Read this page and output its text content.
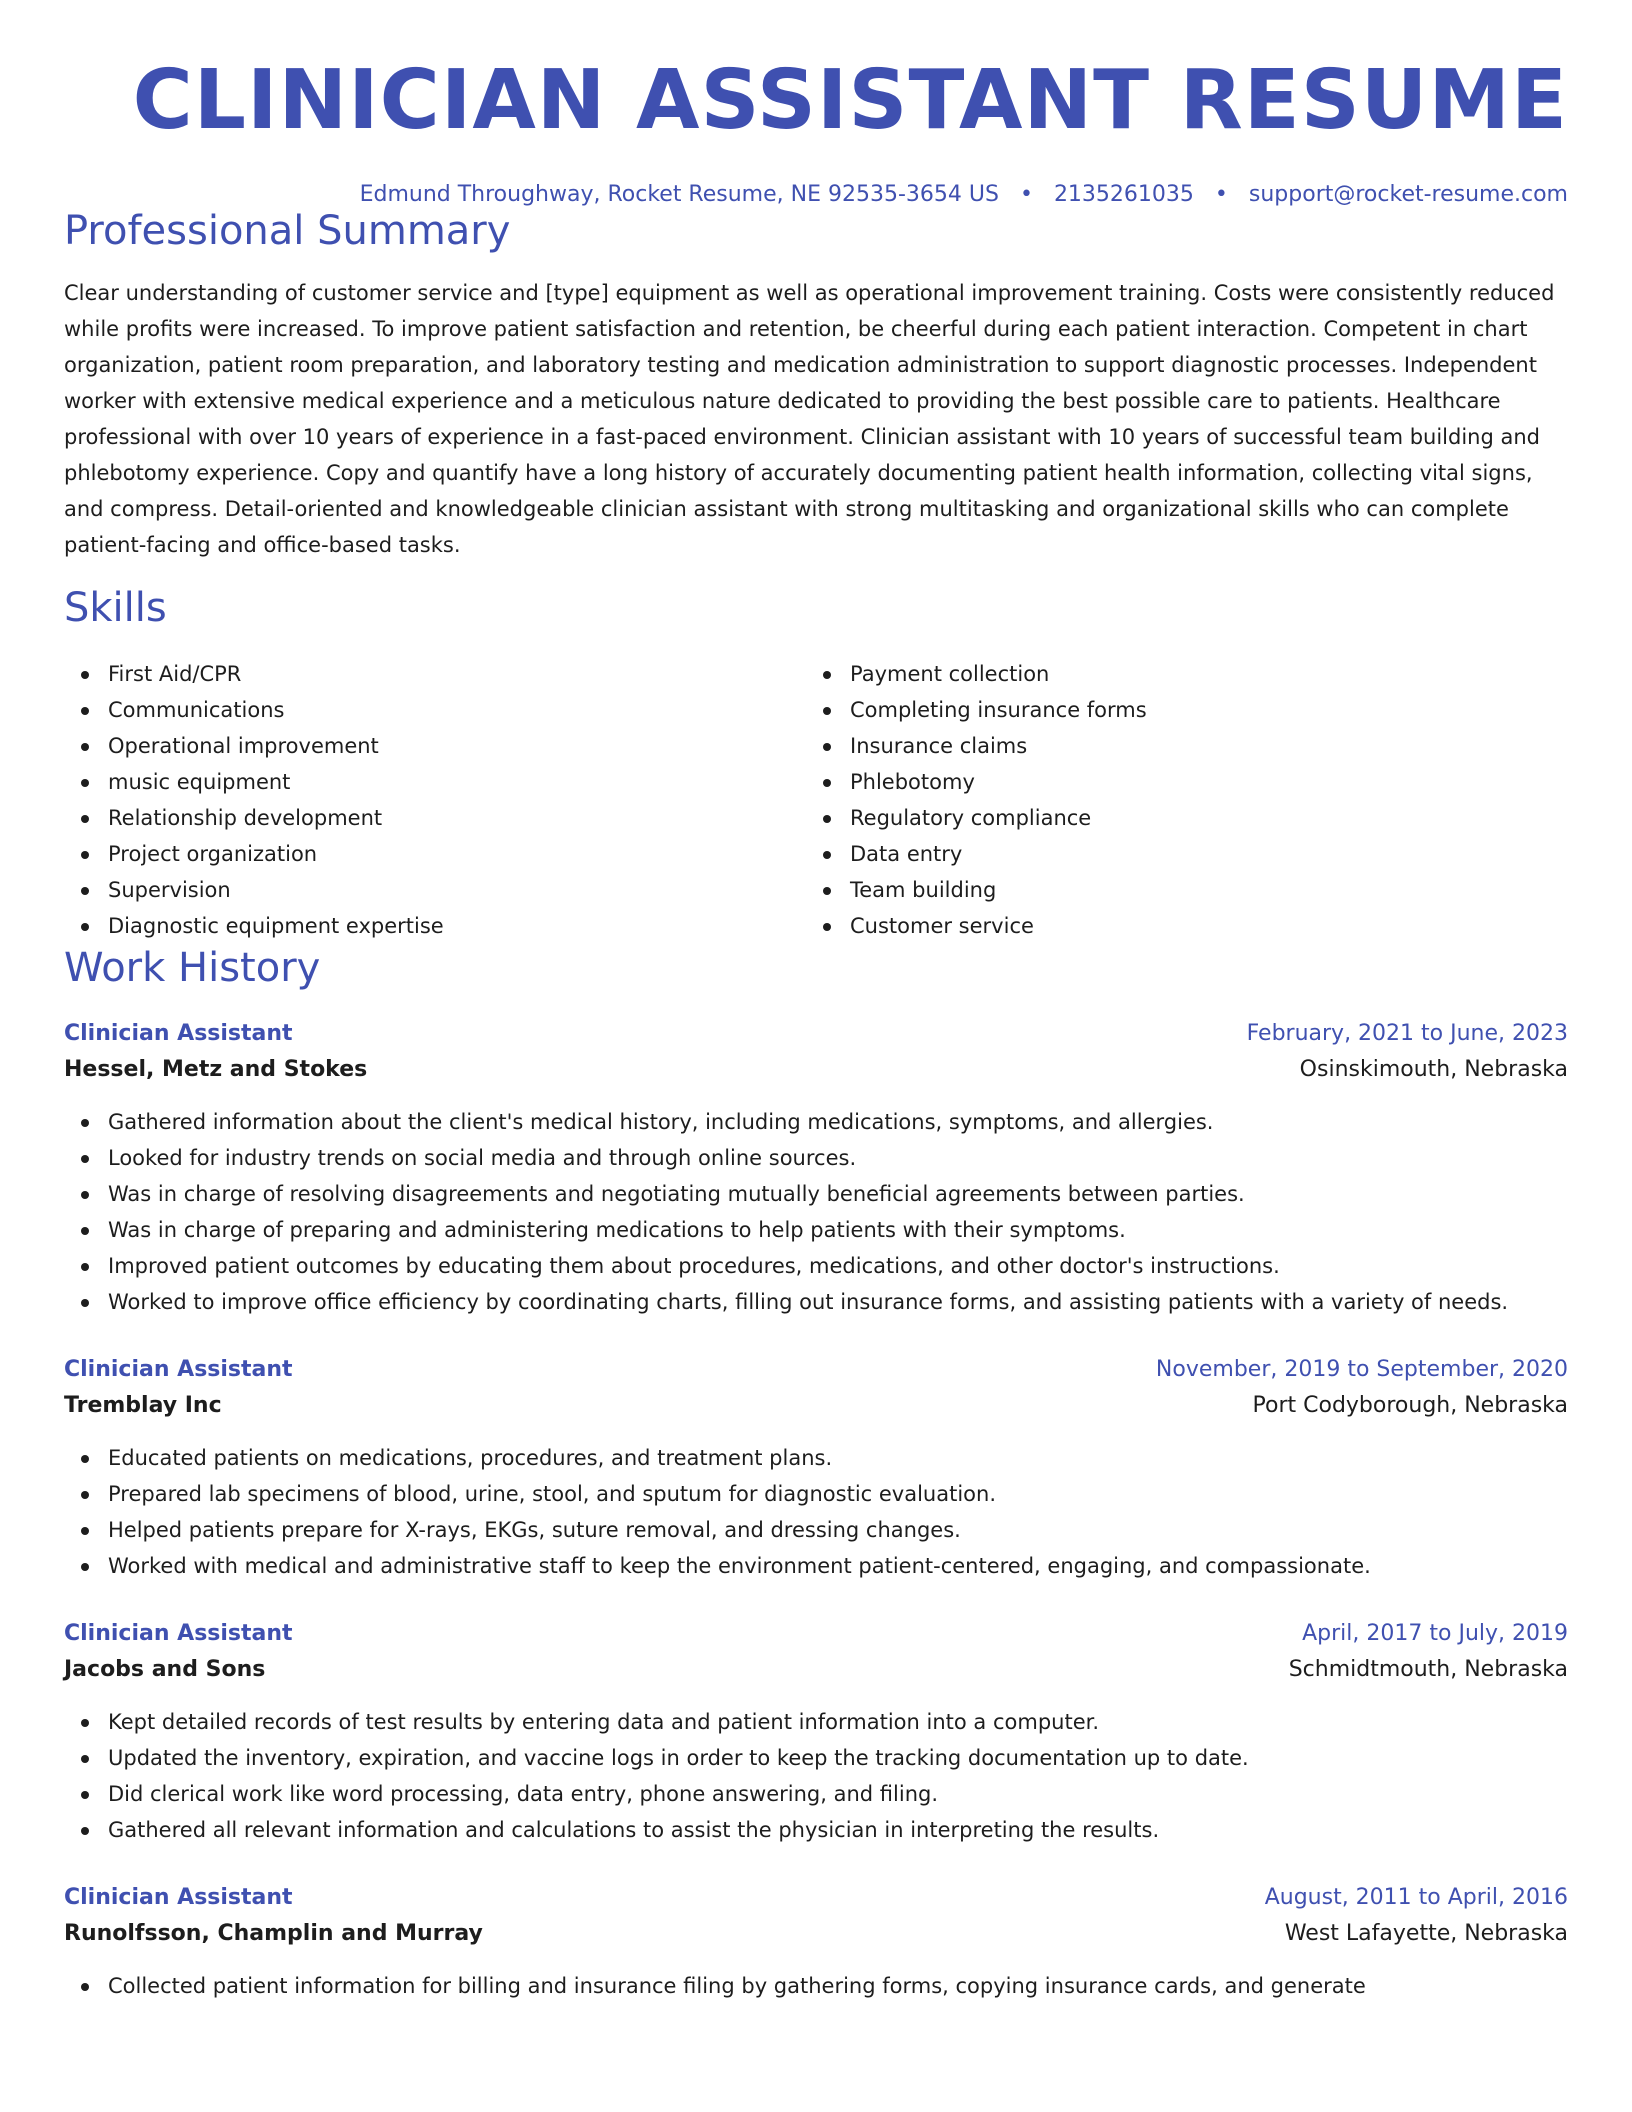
CLINICIAN ASSISTANT RESUME
Edmund Throughway, Rocket Resume, NE 92535-3654 US • 2135261035 • support@rocket-resume.com
Professional Summary

Clear understanding of customer service and [type] equipment as well as operational improvement training. Costs were consistently reduced while profits were increased. To improve patient satisfaction and retention, be cheerful during each patient interaction. Competent in chart organization, patient room preparation, and laboratory testing and medication administration to support diagnostic processes. Independent worker with extensive medical experience and a meticulous nature dedicated to providing the best possible care to patients. Healthcare professional with over 10 years of experience in a fast-paced environment. Clinician assistant with 10 years of successful team building and phlebotomy experience. Copy and quantify have a long history of accurately documenting patient health information, collecting vital signs, and compress. Detail-oriented and knowledgeable clinician assistant with strong multitasking and organizational skills who can complete patient-facing and office-based tasks.

Skills
First Aid/CPR
Communications
Operational improvement
music equipment
Relationship development
Project organization
Supervision
Diagnostic equipment expertise
Payment collection
Completing insurance forms
Insurance claims
Phlebotomy
Regulatory compliance
Data entry
Team building
Customer service
Work History
Clinician Assistant	February, 2021 to June, 2023
Hessel, Metz and Stokes	Osinskimouth, Nebraska
Gathered information about the client's medical history, including medications, symptoms, and allergies.
Looked for industry trends on social media and through online sources.
Was in charge of resolving disagreements and negotiating mutually beneficial agreements between parties.
Was in charge of preparing and administering medications to help patients with their symptoms.
Improved patient outcomes by educating them about procedures, medications, and other doctor's instructions.
Worked to improve office efficiency by coordinating charts, filling out insurance forms, and assisting patients with a variety of needs.
Clinician Assistant	November, 2019 to September, 2020
Tremblay Inc	Port Codyborough, Nebraska
Educated patients on medications, procedures, and treatment plans.
Prepared lab specimens of blood, urine, stool, and sputum for diagnostic evaluation.
Helped patients prepare for X-rays, EKGs, suture removal, and dressing changes.
Worked with medical and administrative staff to keep the environment patient-centered, engaging, and compassionate.
Clinician Assistant	April, 2017 to July, 2019
Jacobs and Sons	Schmidtmouth, Nebraska
Kept detailed records of test results by entering data and patient information into a computer.
Updated the inventory, expiration, and vaccine logs in order to keep the tracking documentation up to date.
Did clerical work like word processing, data entry, phone answering, and filing.
Gathered all relevant information and calculations to assist the physician in interpreting the results.
Clinician Assistant	August, 2011 to April, 2016
Runolfsson, Champlin and Murray	West Lafayette, Nebraska
Collected patient information for billing and insurance filing by gathering forms, copying insurance cards, and generate
